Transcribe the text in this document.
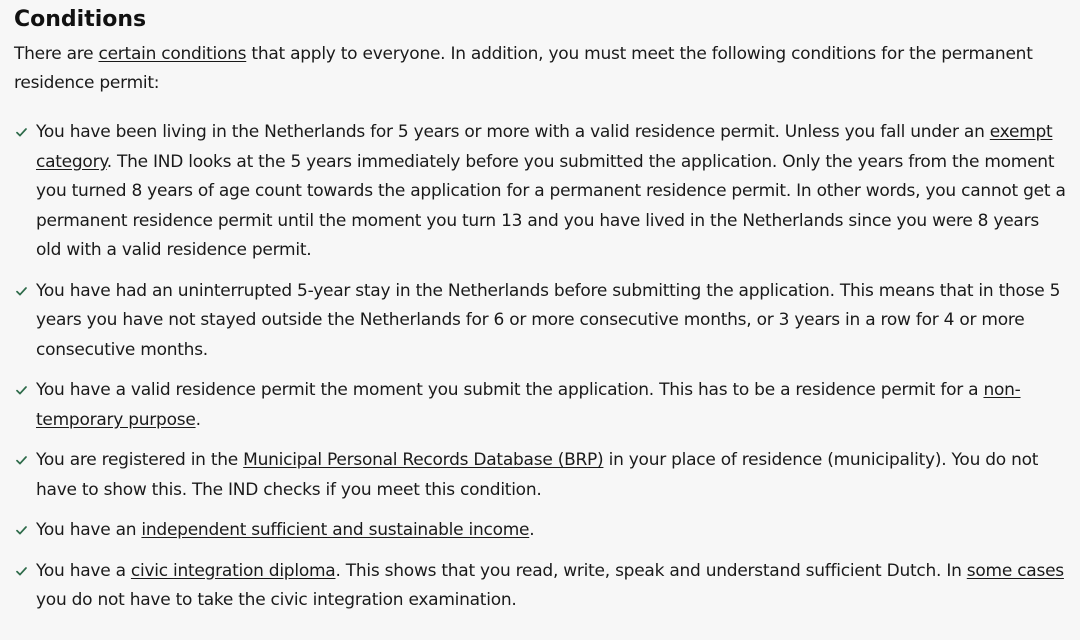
Conditions

There are certain conditions that apply to everyone. In addition, you must meet the following conditions for the permanent residence permit:

You have been living in the Netherlands for 5 years or more with a valid residence permit. Unless you fall under an exempt category. The IND looks at the 5 years immediately before you submitted the application. Only the years from the moment you turned 8 years of age count towards the application for a permanent residence permit. In other words, you cannot get a permanent residence permit until the moment you turn 13 and you have lived in the Netherlands since you were 8 years old with a valid residence permit.
You have had an uninterrupted 5-year stay in the Netherlands before submitting the application. This means that in those 5 years you have not stayed outside the Netherlands for 6 or more consecutive months, or 3 years in a row for 4 or more consecutive months.
You have a valid residence permit the moment you submit the application. This has to be a residence permit for a non-temporary purpose.
You are registered in the Municipal Personal Records Database (BRP) in your place of residence (municipality). You do not have to show this. The IND checks if you meet this condition.
You have an independent sufficient and sustainable income.
You have a civic integration diploma. This shows that you read, write, speak and understand sufficient Dutch. In some cases you do not have to take the civic integration examination.
